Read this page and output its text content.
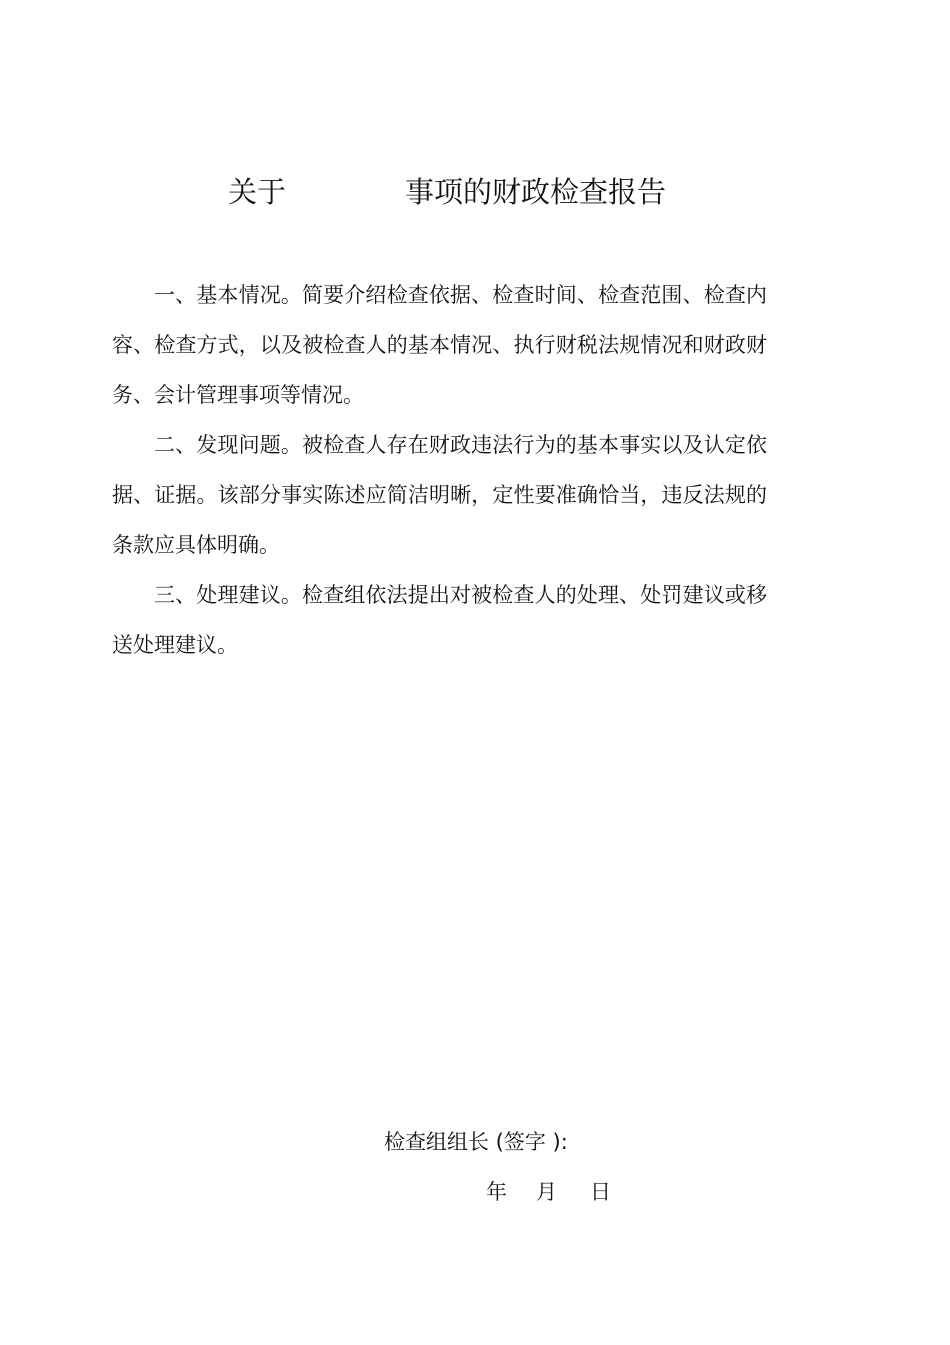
关于	事项的财政检查报告

一、基本情况。简要介绍检查依据、检查时间、检查范围、检查内容、检查方式，以及被检查人的基本情况、执行财税法规情况和财政财务、会计管理事项等情况。

二、发现问题。被检查人存在财政违法行为的基本事实以及认定依据、证据。该部分事实陈述应简洁明晰，定性要准确恰当，违反法规的条款应具体明确。

三、处理建议。检查组依法提出对被检查人的处理、处罚建议或移送处理建议。

检查组组长 (签字 ):
年 月 日
